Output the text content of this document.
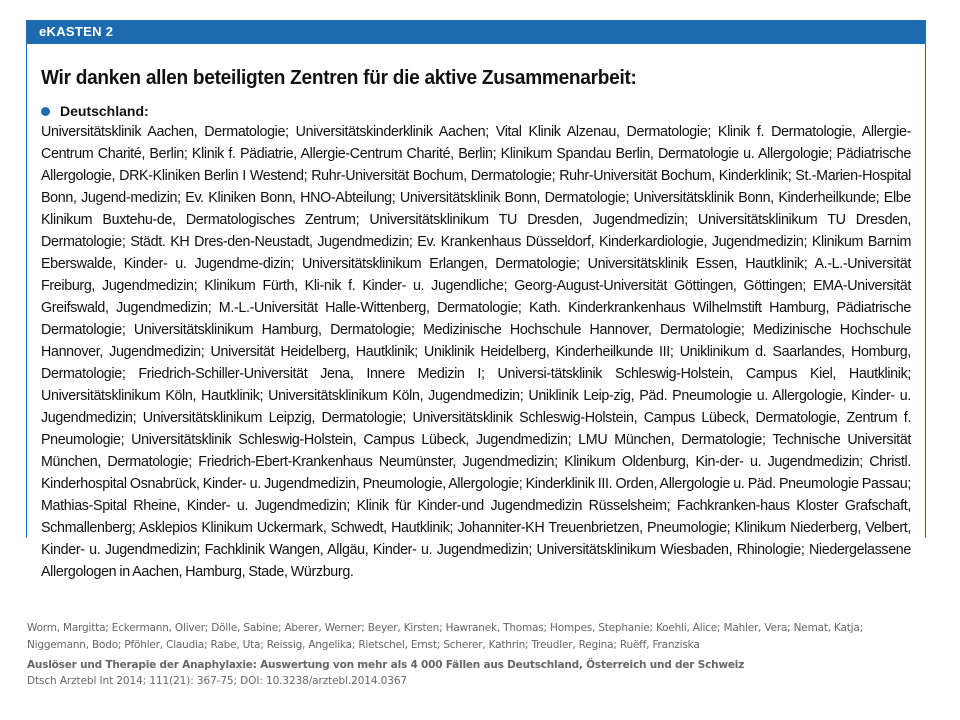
eKASTEN 2
Wir danken allen beteiligten Zentren für die aktive Zusammenarbeit:
Deutschland:
Universitätsklinik Aachen, Dermatologie; Universitätskinderklinik Aachen; Vital Klinik Alzenau, Dermatologie; Klinik f. Dermatologie, Allergie-Centrum Charité, Berlin; Klinik f. Pädiatrie, Allergie-Centrum Charité, Berlin; Klinikum Spandau Berlin, Dermatologie u. Allergologie; Pädiatrische Allergologie, DRK-Kliniken Berlin I Westend; Ruhr-Universität Bochum, Dermatologie; Ruhr-Universität Bochum, Kinderklinik; St.-Marien-Hospital Bonn, Jugend-medizin; Ev. Kliniken Bonn, HNO-Abteilung; Universitätsklinik Bonn, Dermatologie; Universitätsklinik Bonn, Kinderheilkunde; Elbe Klinikum Buxtehu-de, Dermatologisches Zentrum; Universitätsklinikum TU Dresden, Jugendmedizin; Universitätsklinikum TU Dresden, Dermatologie; Städt. KH Dres-den-Neustadt, Jugendmedizin; Ev. Krankenhaus Düsseldorf, Kinderkardiologie, Jugendmedizin; Klinikum Barnim Eberswalde, Kinder- u. Jugendme-dizin; Universitätsklinikum Erlangen, Dermatologie; Universitätsklinik Essen, Hautklinik; A.-L.-Universität Freiburg, Jugendmedizin; Klinikum Fürth, Kli-nik f. Kinder- u. Jugendliche; Georg-August-Universität Göttingen, Göttingen; EMA-Universität Greifswald, Jugendmedizin; M.-L.-Universität Halle-Wittenberg, Dermatologie; Kath. Kinderkrankenhaus Wilhelmstift Hamburg, Pädiatrische Dermatologie; Universitätsklinikum Hamburg, Dermatologie; Medizinische Hochschule Hannover, Dermatologie; Medizinische Hochschule Hannover, Jugendmedizin; Universität Heidelberg, Hautklinik; Uniklinik Heidelberg, Kinderheilkunde III; Uniklinikum d. Saarlandes, Homburg, Dermatologie; Friedrich-Schiller-Universität Jena, Innere Medizin I; Universi-tätsklinik Schleswig-Holstein, Campus Kiel, Hautklinik; Universitätsklinikum Köln, Hautklinik; Universitätsklinikum Köln, Jugendmedizin; Uniklinik Leip-zig, Päd. Pneumologie u. Allergologie, Kinder- u. Jugendmedizin; Universitätsklinikum Leipzig, Dermatologie; Universitätsklinik Schleswig-Holstein, Campus Lübeck, Dermatologie, Zentrum f. Pneumologie; Universitätsklinik Schleswig-Holstein, Campus Lübeck, Jugendmedizin; LMU München, Dermatologie; Technische Universität München, Dermatologie; Friedrich-Ebert-Krankenhaus Neumünster, Jugendmedizin; Klinikum Oldenburg, Kin-der- u. Jugendmedizin; Christl. Kinderhospital Osnabrück, Kinder- u. Jugendmedizin, Pneumologie, Allergologie; Kinderklinik III. Orden, Allergologie u. Päd. Pneumologie Passau; Mathias-Spital Rheine, Kinder- u. Jugendmedizin; Klinik für Kinder-und Jugendmedizin Rüsselsheim; Fachkranken-haus Kloster Grafschaft, Schmallenberg; Asklepios Klinikum Uckermark, Schwedt, Hautklinik; Johanniter-KH Treuenbrietzen, Pneumologie; Klinikum Niederberg, Velbert, Kinder- u. Jugendmedizin; Fachklinik Wangen, Allgäu, Kinder- u. Jugendmedizin; Universitätsklinikum Wiesbaden, Rhinologie; Niedergelassene Allergologen in Aachen, Hamburg, Stade, Würzburg.
Worm, Margitta; Eckermann, Oliver; Dölle, Sabine; Aberer, Werner; Beyer, Kirsten; Hawranek, Thomas; Hompes, Stephanie; Koehli, Alice; Mahler, Vera; Nemat, Katja; Niggemann, Bodo; Pföhler, Claudia; Rabe, Uta; Reissig, Angelika; Rietschel, Ernst; Scherer, Kathrin; Treudler, Regina; Ruëff, Franziska
Auslöser und Therapie der Anaphylaxie: Auswertung von mehr als 4 000 Fällen aus Deutschland, Österreich und der Schweiz
Dtsch Arztebl Int 2014; 111(21): 367-75; DOI: 10.3238/arztebl.2014.0367
